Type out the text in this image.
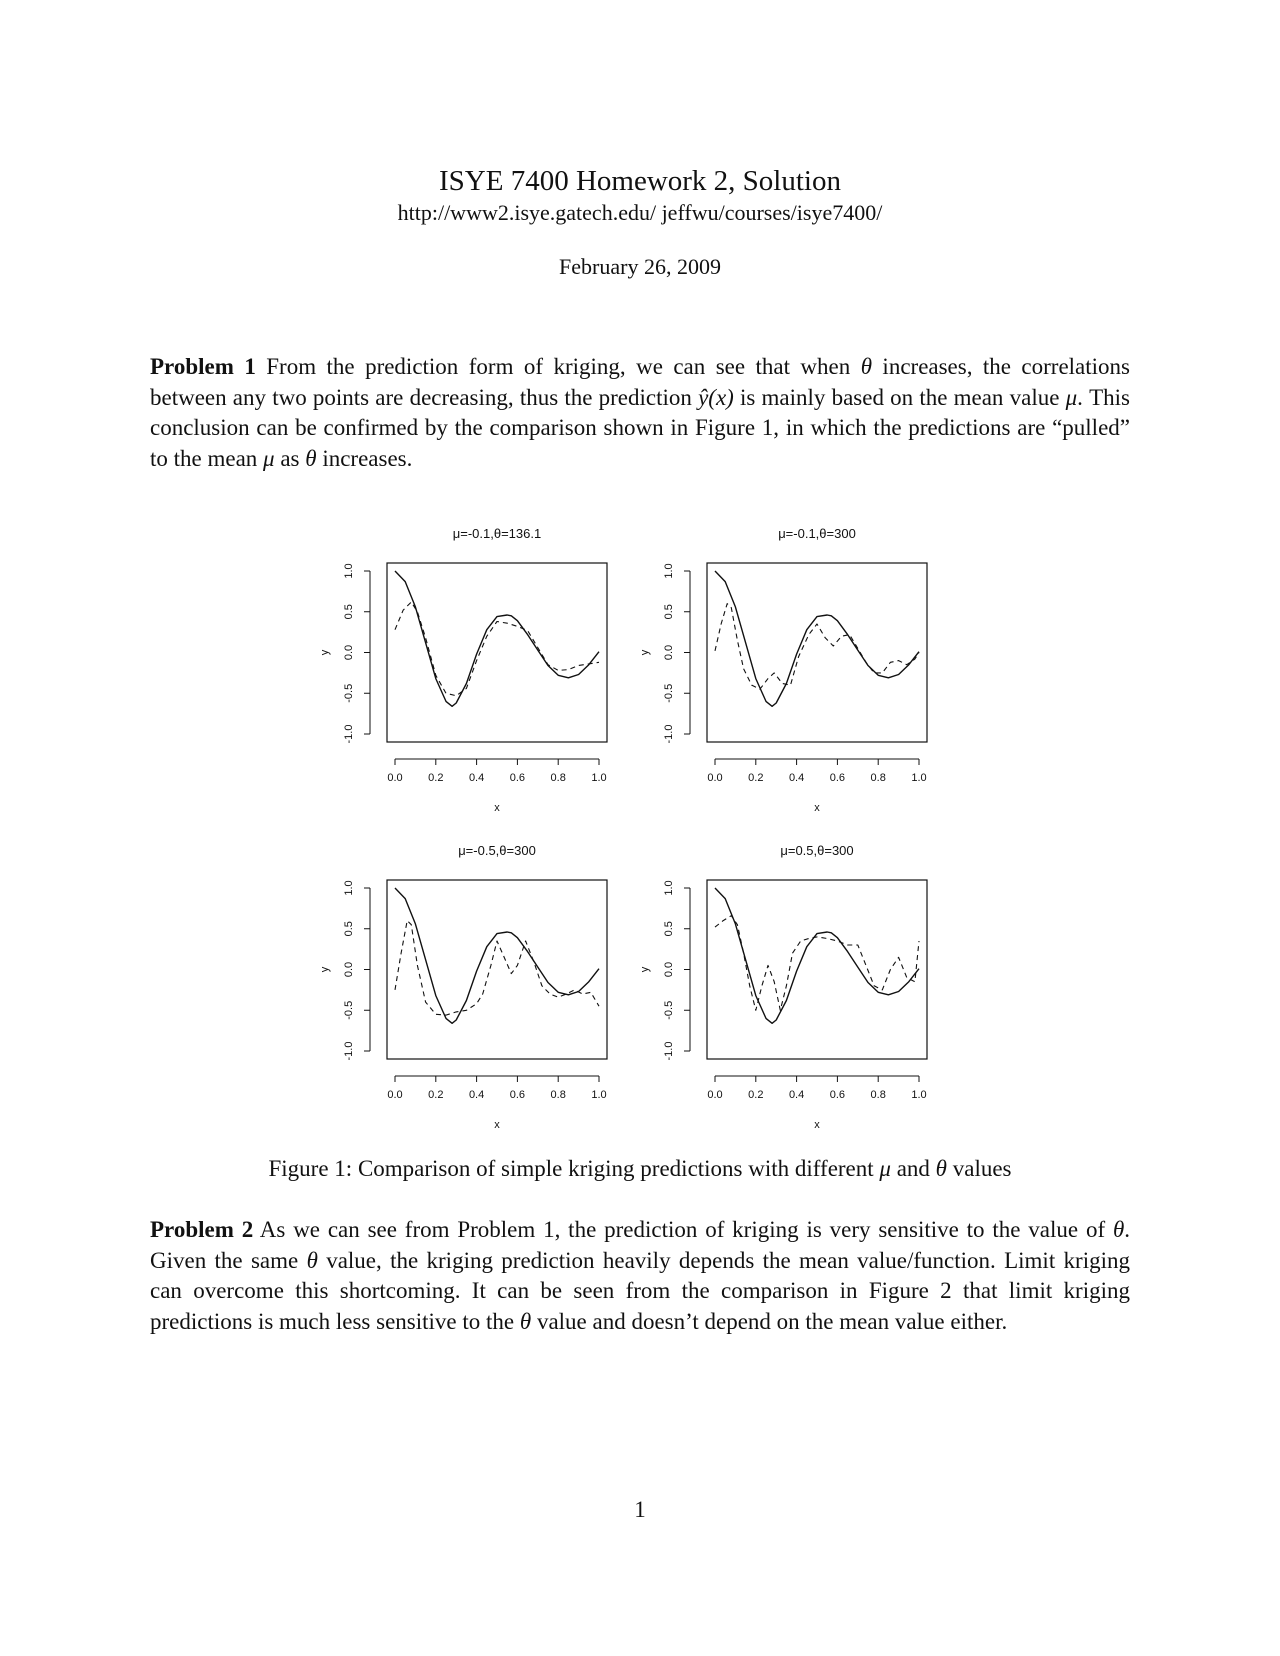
ISYE 7400 Homework 2, Solution
http://www2.isye.gatech.edu/ jeffwu/courses/isye7400/
February 26, 2009
Problem 1 From the prediction form of kriging, we can see that when θ increases, the correlations between any two points are decreasing, thus the prediction ŷ(x) is mainly based on the mean value μ. This conclusion can be confirmed by the comparison shown in Figure 1, in which the predictions are “pulled” to the mean μ as θ increases.
μ=-0.1,θ=136.1
0.0 0.2 0.4 0.6 0.8 1.0
x
-1.0
-0.5
0.0
0.5
1.0
y
μ=-0.1,θ=300
0.0 0.2 0.4 0.6 0.8 1.0
x
-1.0
-0.5
0.0
0.5
1.0
y
μ=-0.5,θ=300
0.0 0.2 0.4 0.6 0.8 1.0
x
-1.0
-0.5
0.0
0.5
1.0
y
μ=0.5,θ=300
0.0 0.2 0.4 0.6 0.8 1.0
x
-1.0
-0.5
0.0
0.5
1.0
y
Figure 1: Comparison of simple kriging predictions with different μ and θ values
Problem 2 As we can see from Problem 1, the prediction of kriging is very sensitive to the value of θ. Given the same θ value, the kriging prediction heavily depends the mean value/function. Limit kriging can overcome this shortcoming. It can be seen from the comparison in Figure 2 that limit kriging predictions is much less sensitive to the θ value and doesn’t depend on the mean value either.
1
